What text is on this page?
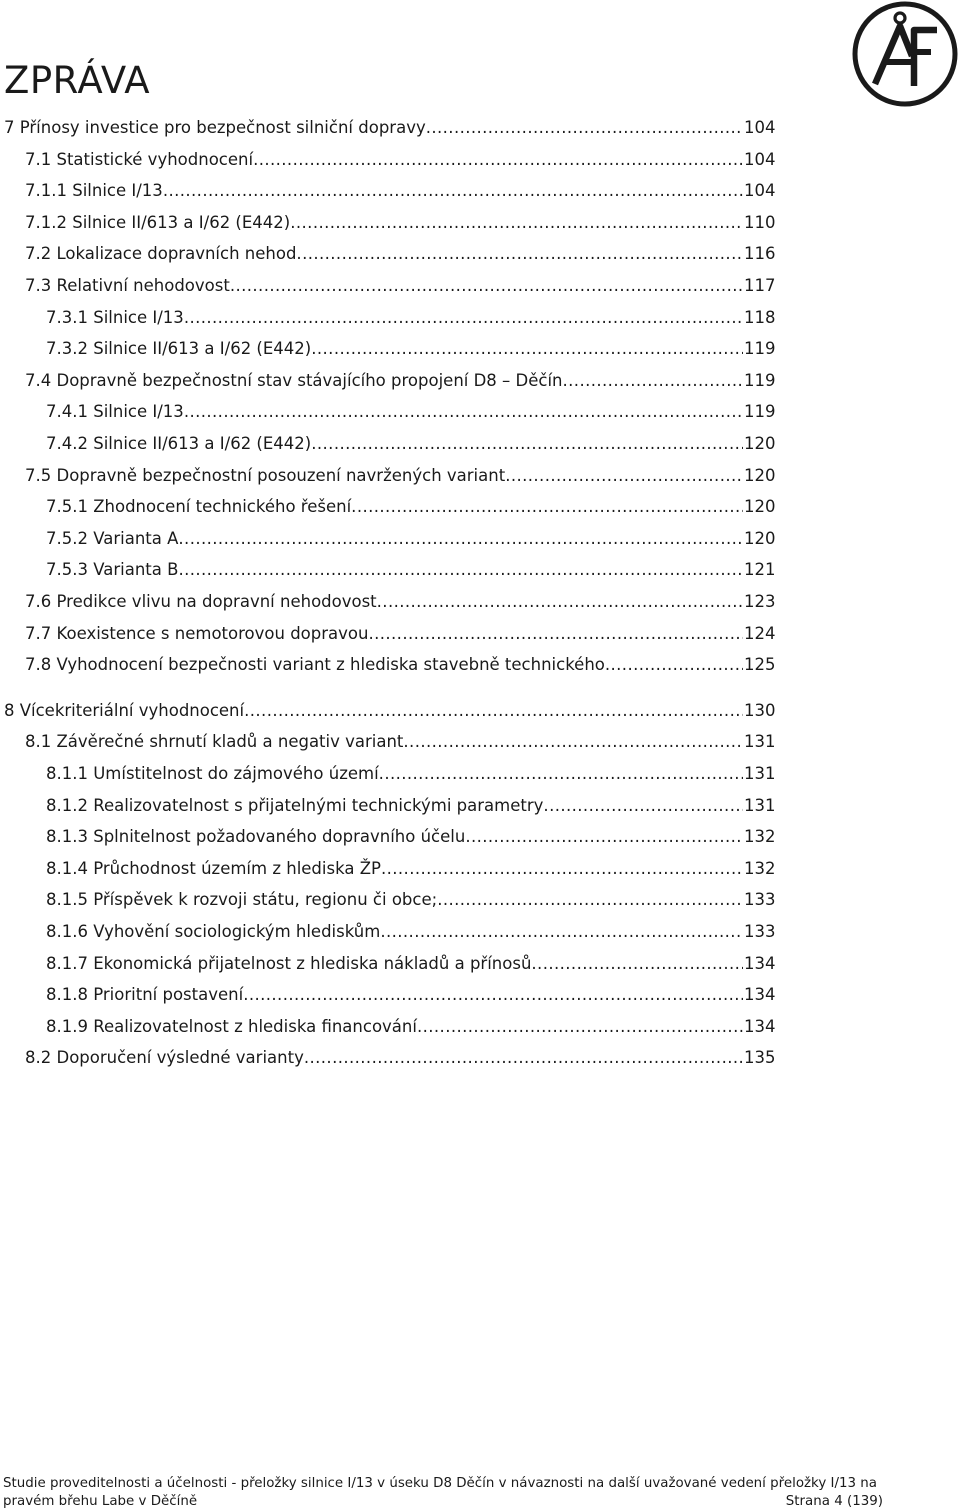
ZPRÁVA
7 Přínosy investice pro bezpečnost silniční dopravy .....	104
7.1 Statistické vyhodnocení .....	104
7.1.1 Silnice I/13 .....	104
7.1.2 Silnice II/613 a I/62 (E442) .....	110
7.2 Lokalizace dopravních nehod .....	116
7.3 Relativní nehodovost .....	117
7.3.1 Silnice I/13 .....	118
7.3.2 Silnice II/613 a I/62 (E442) .....	119
7.4 Dopravně bezpečnostní stav stávajícího propojení D8 – Děčín .....	119
7.4.1 Silnice I/13 .....	119
7.4.2 Silnice II/613 a I/62 (E442) .....	120
7.5 Dopravně bezpečnostní posouzení navržených variant .....	120
7.5.1 Zhodnocení technického řešení .....	120
7.5.2 Varianta A .....	120
7.5.3 Varianta B .....	121
7.6 Predikce vlivu na dopravní nehodovost .....	123
7.7 Koexistence s nemotorovou dopravou .....	124
7.8 Vyhodnocení bezpečnosti variant z hlediska stavebně technického .....	125
8 Vícekriteriální vyhodnocení .....	130
8.1 Závěrečné shrnutí kladů a negativ variant .....	131
8.1.1 Umístitelnost do zájmového území .....	131
8.1.2 Realizovatelnost s přijatelnými technickými parametry .....	131
8.1.3 Splnitelnost požadovaného dopravního účelu .....	132
8.1.4 Průchodnost územím z hlediska ŽP .....	132
8.1.5 Příspěvek k rozvoji státu, regionu či obce; .....	133
8.1.6 Vyhovění sociologickým hlediskům .....	133
8.1.7 Ekonomická přijatelnost z hlediska nákladů a přínosů .....	134
8.1.8 Prioritní postavení .....	134
8.1.9 Realizovatelnost z hlediska financování .....	134
8.2 Doporučení výsledné varianty .....	135
Studie proveditelnosti a účelnosti - přeložky silnice I/13 v úseku D8 Děčín v návaznosti na další uvažované vedení přeložky I/13 na
pravém břehu Labe v Děčíně	Strana 4 (139)
